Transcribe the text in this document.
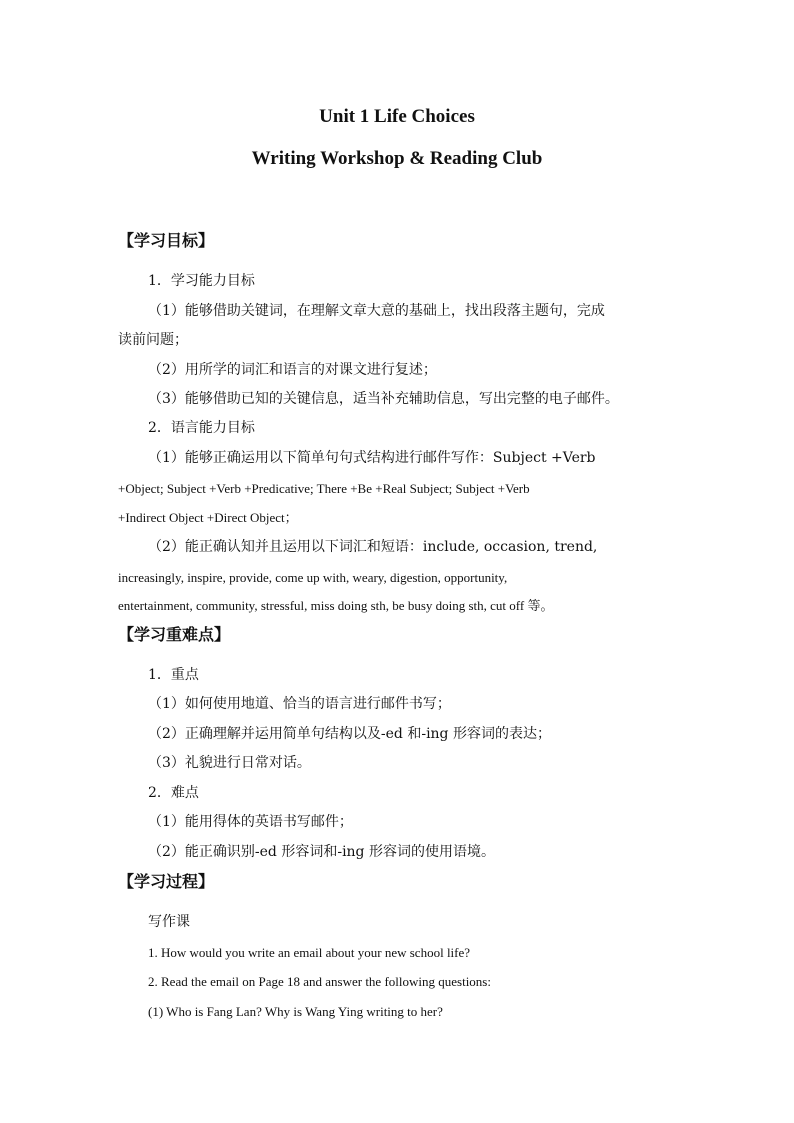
Unit 1 Life Choices
Writing Workshop & Reading Club
【学习目标】
1．学习能力目标
（1）能够借助关键词，在理解文章大意的基础上，找出段落主题句，完成
读前问题；
（2）用所学的词汇和语言的对课文进行复述；
（3）能够借助已知的关键信息，适当补充辅助信息，写出完整的电子邮件。
2．语言能力目标
（1）能够正确运用以下简单句句式结构进行邮件写作：Subject +Verb
+Object; Subject +Verb +Predicative; There +Be +Real Subject; Subject +Verb
+Indirect Object +Direct Object；
（2）能正确认知并且运用以下词汇和短语：include, occasion, trend,
increasingly, inspire, provide, come up with, weary, digestion, opportunity,
entertainment, community, stressful, miss doing sth, be busy doing sth, cut off 等。
【学习重难点】
1．重点
（1）如何使用地道、恰当的语言进行邮件书写；
（2）正确理解并运用简单句结构以及-ed 和-ing 形容词的表达；
（3）礼貌进行日常对话。
2．难点
（1）能用得体的英语书写邮件；
（2）能正确识别-ed 形容词和-ing 形容词的使用语境。
【学习过程】
写作课
1. How would you write an email about your new school life?
2. Read the email on Page 18 and answer the following questions:
(1) Who is Fang Lan? Why is Wang Ying writing to her?
